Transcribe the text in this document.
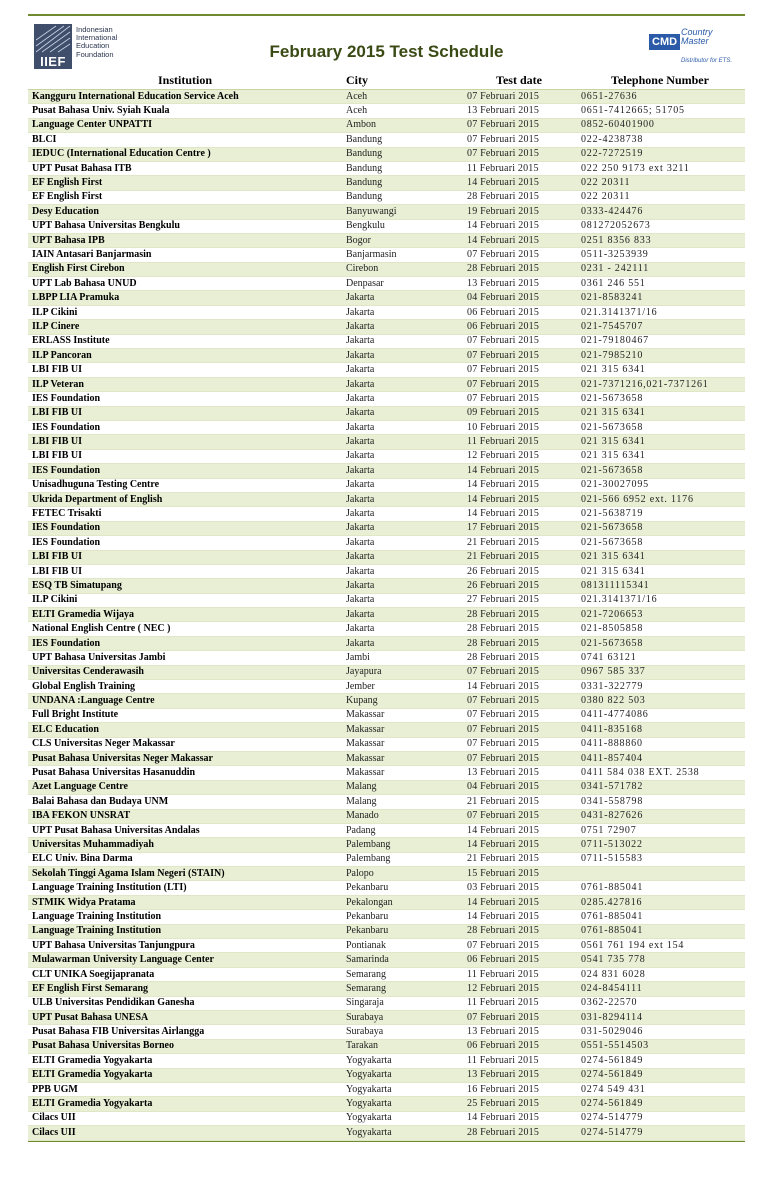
IIEF
Indonesian International Education Foundation	February 2015 Test Schedule	CMD
Country Master
Distributor for ETS.
Institution	City	Test date	Telephone Number
Kangguru International Education Service Aceh	Aceh	07 Februari 2015	0651-27636
Pusat Bahasa Univ. Syiah Kuala	Aceh	13 Februari 2015	0651-7412665; 51705
Language Center UNPATTI	Ambon	07 Februari 2015	0852-60401900
BLCI	Bandung	07 Februari 2015	022-4238738
IEDUC (International Education Centre )	Bandung	07 Februari 2015	022-7272519
UPT Pusat Bahasa ITB	Bandung	11 Februari 2015	022 250 9173 ext 3211
EF English First	Bandung	14 Februari 2015	022 20311
EF English First	Bandung	28 Februari 2015	022 20311
Desy Education	Banyuwangi	19 Februari 2015	0333-424476
UPT Bahasa Universitas Bengkulu	Bengkulu	14 Februari 2015	081272052673
UPT Bahasa IPB	Bogor	14 Februari 2015	0251 8356 833
IAIN Antasari Banjarmasin	Banjarmasin	07 Februari 2015	0511-3253939
English First Cirebon	Cirebon	28 Februari 2015	0231 - 242111
UPT Lab Bahasa UNUD	Denpasar	13 Februari 2015	0361 246 551
LBPP LIA Pramuka	Jakarta	04 Februari 2015	021-8583241
ILP Cikini	Jakarta	06 Februari 2015	021.3141371/16
ILP Cinere	Jakarta	06 Februari 2015	021-7545707
ERLASS Institute	Jakarta	07 Februari 2015	021-79180467
ILP Pancoran	Jakarta	07 Februari 2015	021-7985210
LBI FIB UI	Jakarta	07 Februari 2015	021 315 6341
ILP Veteran	Jakarta	07 Februari 2015	021-7371216,021-7371261
IES Foundation	Jakarta	07 Februari 2015	021-5673658
LBI FIB UI	Jakarta	09 Februari 2015	021 315 6341
IES Foundation	Jakarta	10 Februari 2015	021-5673658
LBI FIB UI	Jakarta	11 Februari 2015	021 315 6341
LBI FIB UI	Jakarta	12 Februari 2015	021 315 6341
IES Foundation	Jakarta	14 Februari 2015	021-5673658
Unisadhuguna Testing Centre	Jakarta	14 Februari 2015	021-30027095
Ukrida Department of English	Jakarta	14 Februari 2015	021-566 6952 ext. 1176
FETEC Trisakti	Jakarta	14 Februari 2015	021-5638719
IES Foundation	Jakarta	17 Februari 2015	021-5673658
IES Foundation	Jakarta	21 Februari 2015	021-5673658
LBI FIB UI	Jakarta	21 Februari 2015	021 315 6341
LBI FIB UI	Jakarta	26 Februari 2015	021 315 6341
ESQ TB Simatupang	Jakarta	26 Februari 2015	081311115341
ILP Cikini	Jakarta	27 Februari 2015	021.3141371/16
ELTI Gramedia Wijaya	Jakarta	28 Februari 2015	021-7206653
National English Centre ( NEC )	Jakarta	28 Februari 2015	021-8505858
IES Foundation	Jakarta	28 Februari 2015	021-5673658
UPT Bahasa Universitas Jambi	Jambi	28 Februari 2015	0741 63121
Universitas Cenderawasih	Jayapura	07 Februari 2015	0967 585 337
Global English Training	Jember	14 Februari 2015	0331-322779
UNDANA :Language Centre	Kupang	07 Februari 2015	0380 822 503
Full Bright Institute	Makassar	07 Februari 2015	0411-4774086
ELC Education	Makassar	07 Februari 2015	0411-835168
CLS Universitas Neger Makassar	Makassar	07 Februari 2015	0411-888860
Pusat Bahasa Universitas Neger Makassar	Makassar	07 Februari 2015	0411-857404
Pusat Bahasa Universitas Hasanuddin	Makassar	13 Februari 2015	0411 584 038 EXT. 2538
Azet Language Centre	Malang	04 Februari 2015	0341-571782
Balai Bahasa dan Budaya UNM	Malang	21 Februari 2015	0341-558798
IBA FEKON UNSRAT	Manado	07 Februari 2015	0431-827626
UPT Pusat Bahasa Universitas Andalas	Padang	14 Februari 2015	0751 72907
Universitas Muhammadiyah	Palembang	14 Februari 2015	0711-513022
ELC Univ. Bina Darma	Palembang	21 Februari 2015	0711-515583
Sekolah Tinggi Agama Islam Negeri (STAIN)	Palopo	15 Februari 2015	
Language Training Institution (LTI)	Pekanbaru	03 Februari 2015	0761-885041
STMIK Widya Pratama	Pekalongan	14 Februari 2015	0285.427816
Language Training Institution	Pekanbaru	14 Februari 2015	0761-885041
Language Training Institution	Pekanbaru	28 Februari 2015	0761-885041
UPT Bahasa Universitas Tanjungpura	Pontianak	07 Februari 2015	0561 761 194 ext 154
Mulawarman University Language Center	Samarinda	06 Februari 2015	0541 735 778
CLT UNIKA Soegijapranata	Semarang	11 Februari 2015	024 831 6028
EF English First Semarang	Semarang	12 Februari 2015	024-8454111
ULB Universitas Pendidikan Ganesha	Singaraja	11 Februari 2015	0362-22570
UPT Pusat Bahasa UNESA	Surabaya	07 Februari 2015	031-8294114
Pusat Bahasa FIB Universitas Airlangga	Surabaya	13 Februari 2015	031-5029046
Pusat Bahasa Universitas Borneo	Tarakan	06 Februari 2015	0551-5514503
ELTI Gramedia Yogyakarta	Yogyakarta	11 Februari 2015	0274-561849
ELTI Gramedia Yogyakarta	Yogyakarta	13 Februari 2015	0274-561849
PPB UGM	Yogyakarta	16 Februari 2015	0274 549 431
ELTI Gramedia Yogyakarta	Yogyakarta	25 Februari 2015	0274-561849
Cilacs UII	Yogyakarta	14 Februari 2015	0274-514779
Cilacs UII	Yogyakarta	28 Februari 2015	0274-514779
